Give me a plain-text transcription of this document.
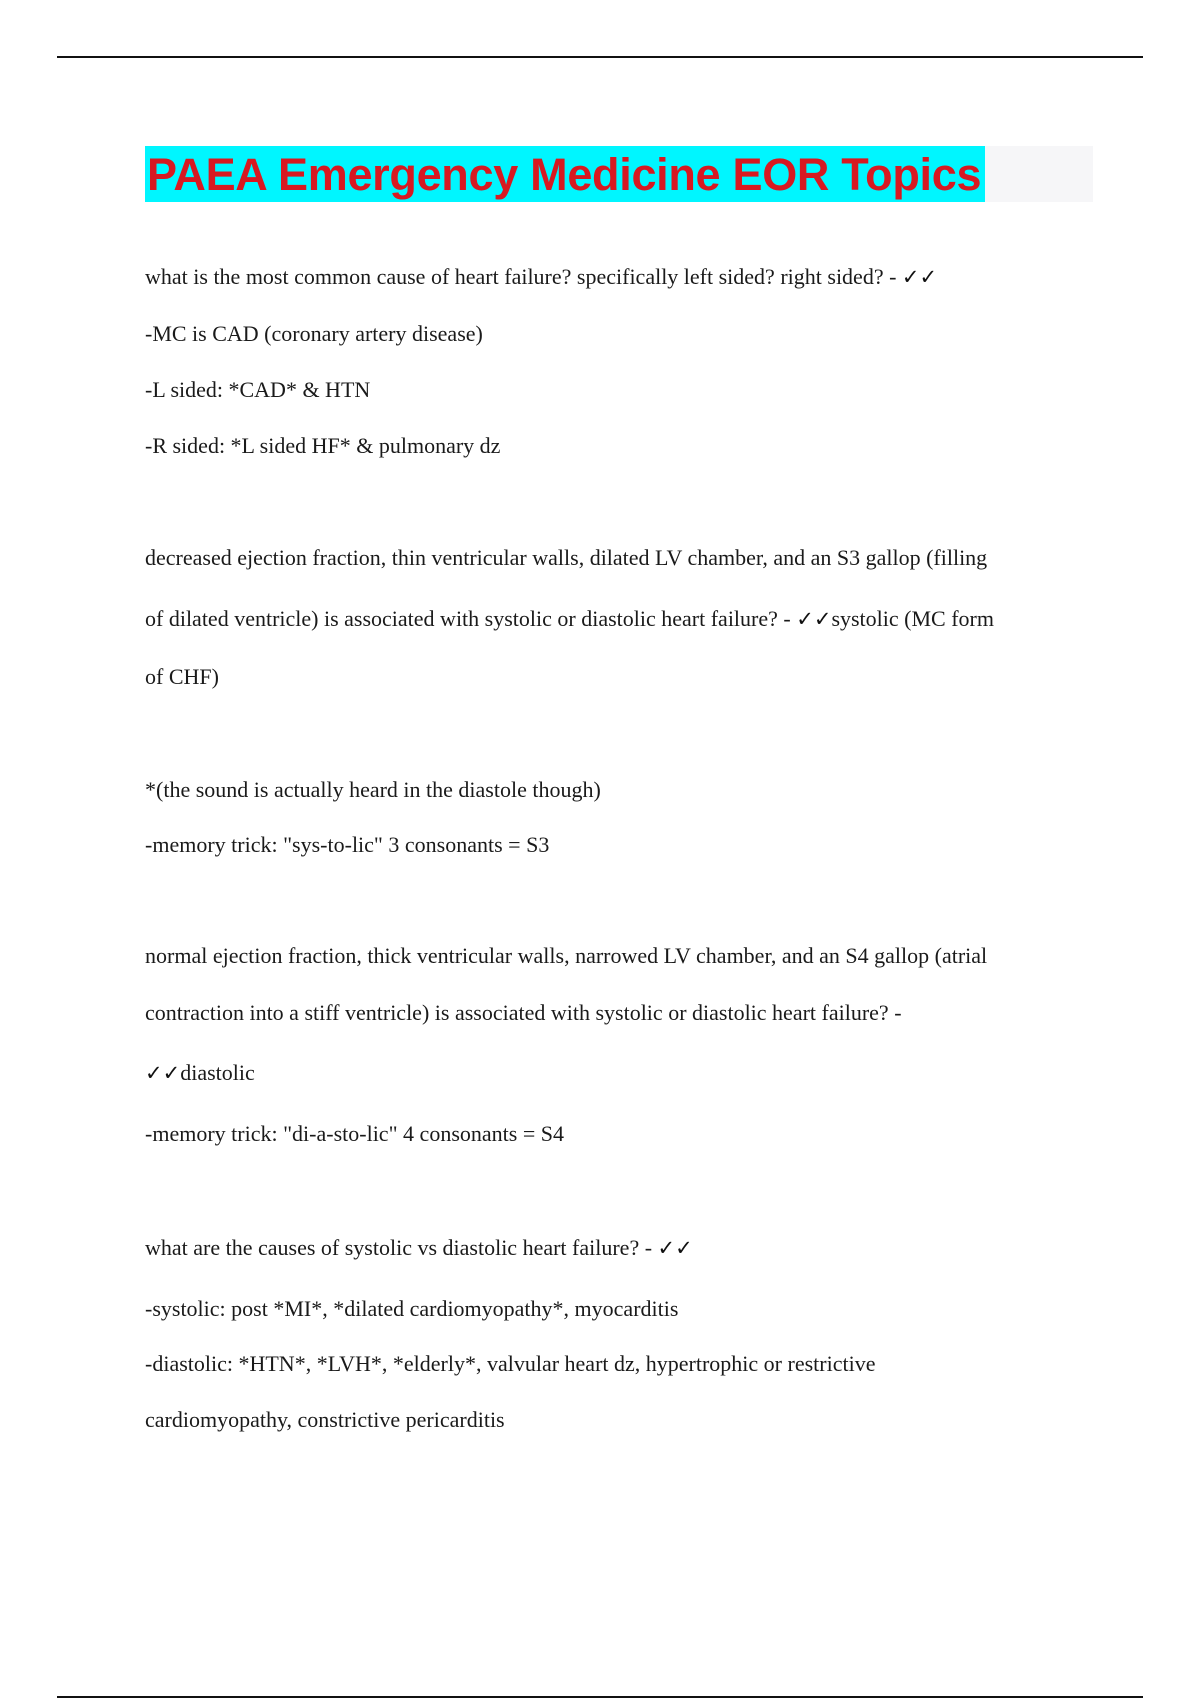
PAEA Emergency Medicine EOR Topics
what is the most common cause of heart failure? specifically left sided? right sided? - ✓✓
-MC is CAD (coronary artery disease)
-L sided: *CAD* & HTN
-R sided: *L sided HF* & pulmonary dz
decreased ejection fraction, thin ventricular walls, dilated LV chamber, and an S3 gallop (filling
of dilated ventricle) is associated with systolic or diastolic heart failure? - ✓✓systolic (MC form
of CHF)
*(the sound is actually heard in the diastole though)
-memory trick: "sys-to-lic" 3 consonants = S3
normal ejection fraction, thick ventricular walls, narrowed LV chamber, and an S4 gallop (atrial
contraction into a stiff ventricle) is associated with systolic or diastolic heart failure? -
✓✓diastolic
-memory trick: "di-a-sto-lic" 4 consonants = S4
what are the causes of systolic vs diastolic heart failure? - ✓✓
-systolic: post *MI*, *dilated cardiomyopathy*, myocarditis
-diastolic: *HTN*, *LVH*, *elderly*, valvular heart dz, hypertrophic or restrictive
cardiomyopathy, constrictive pericarditis
